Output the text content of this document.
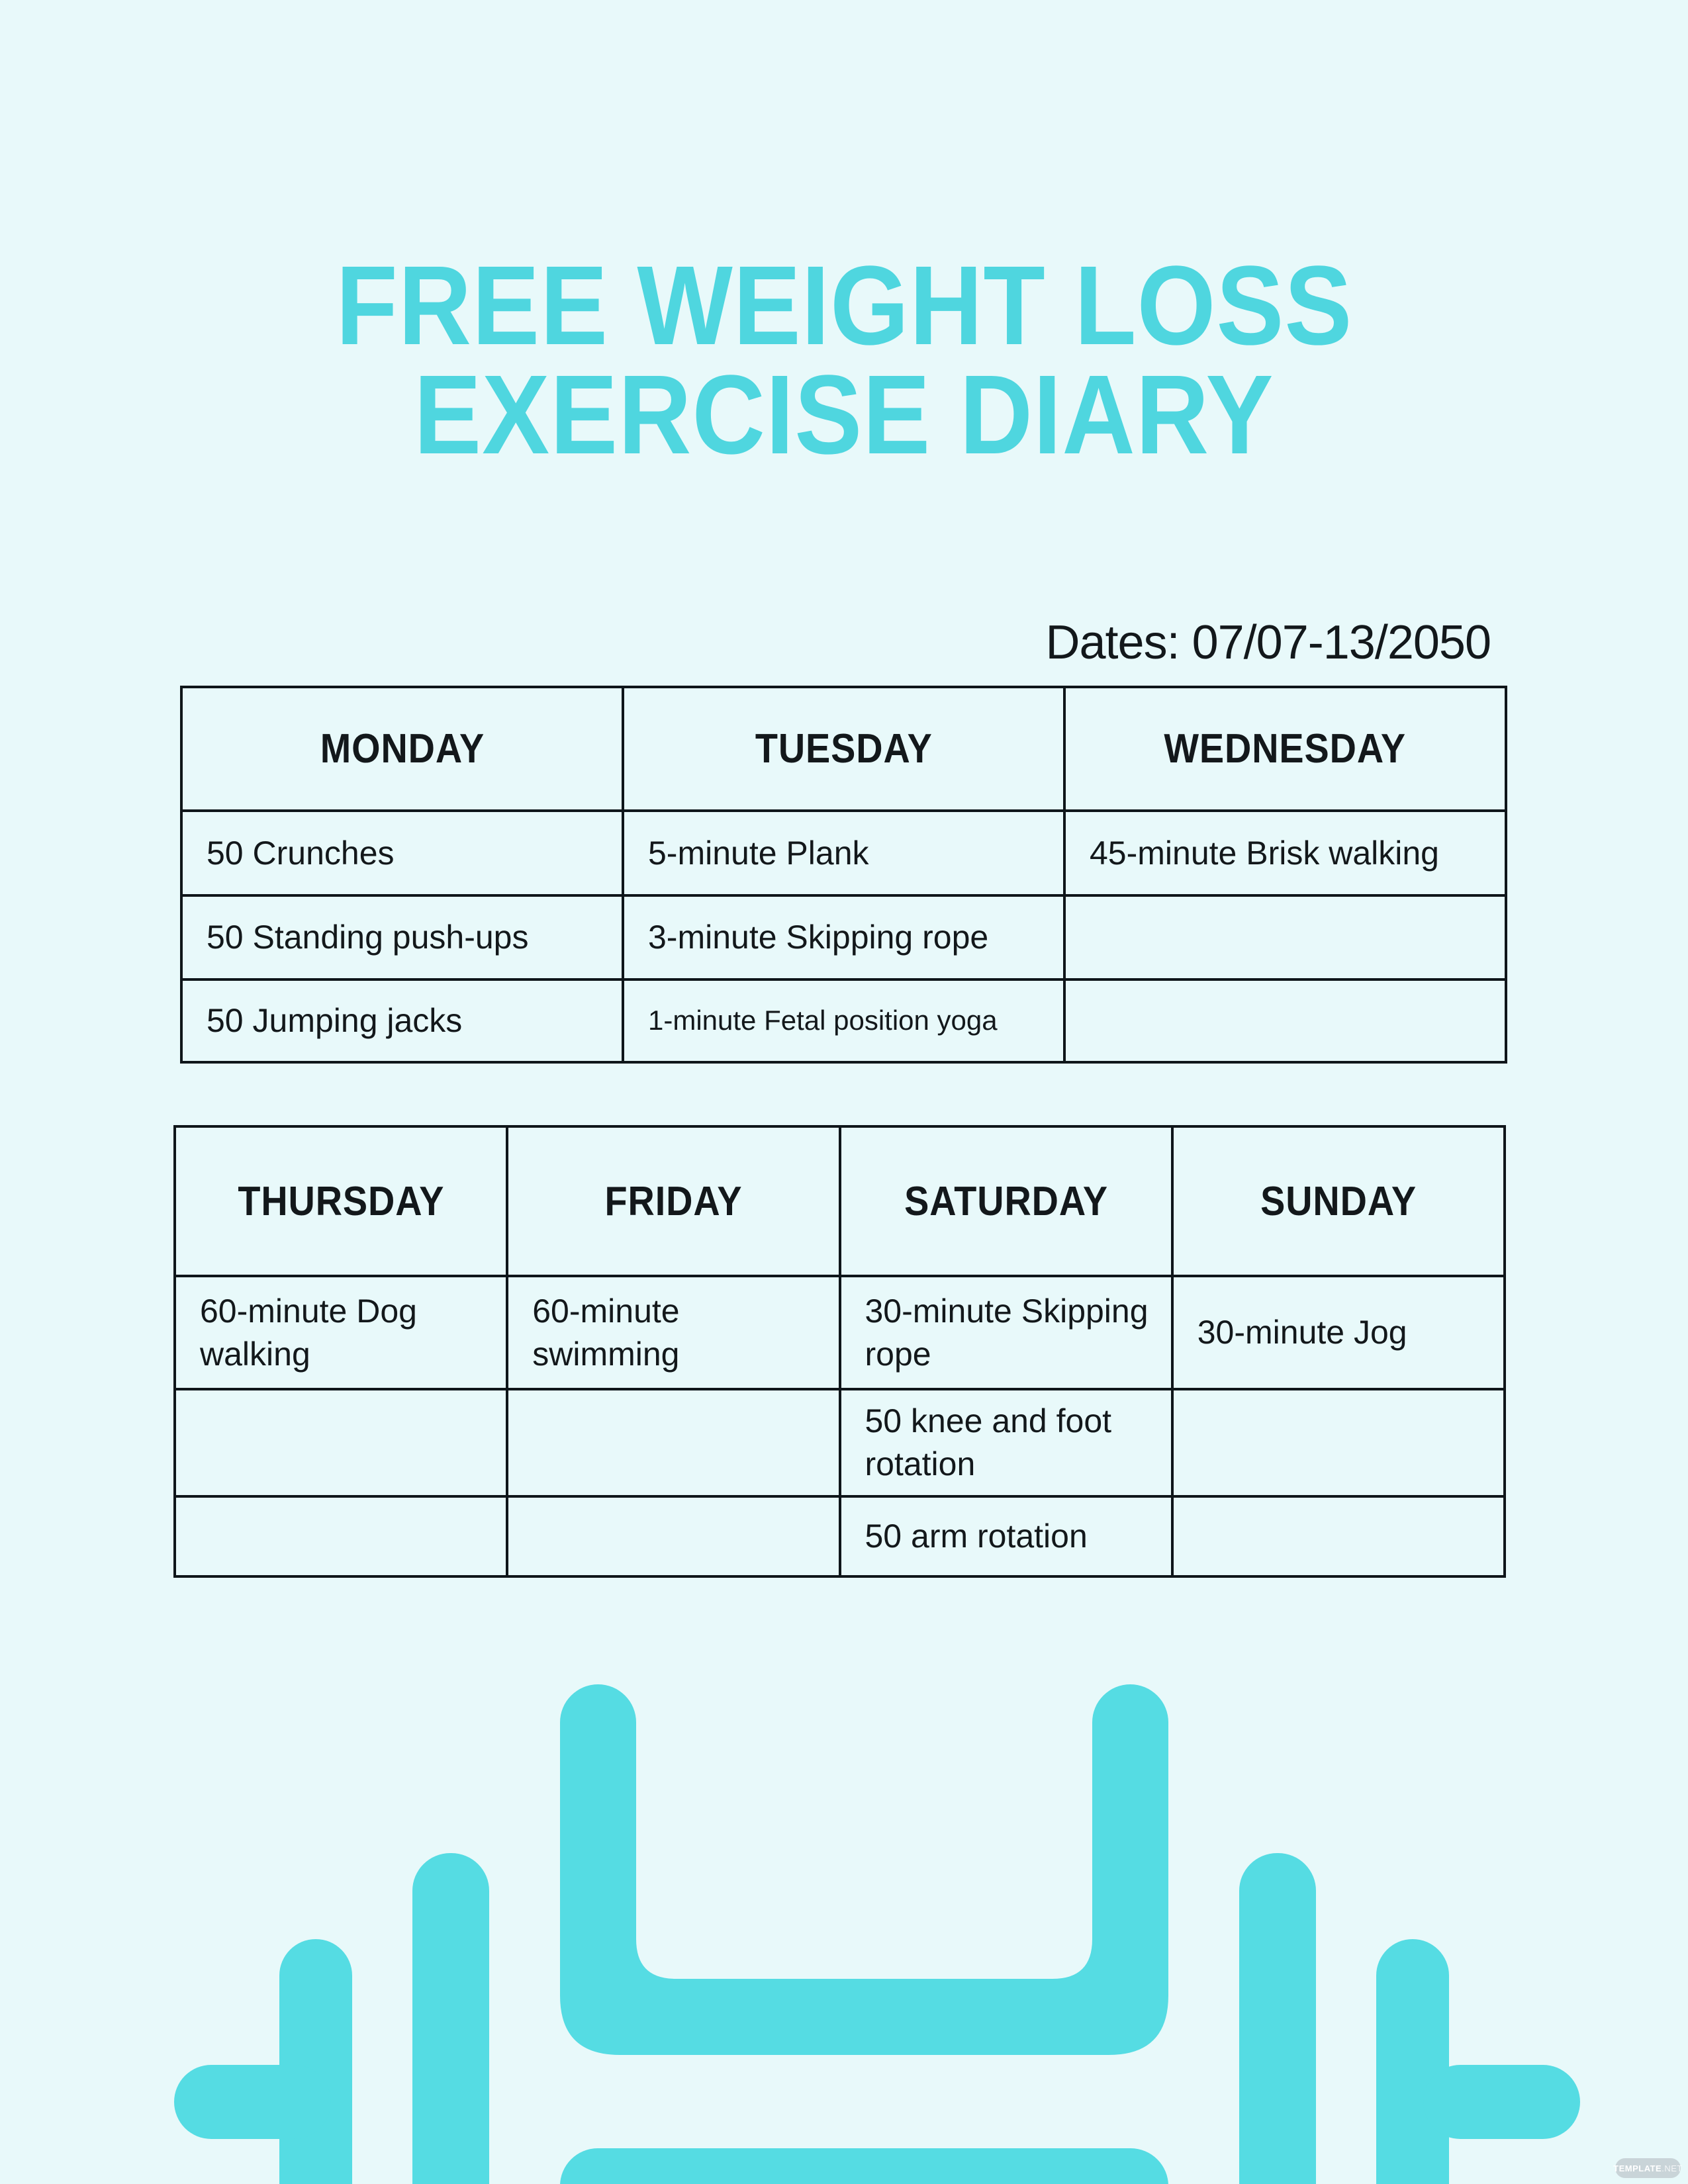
FREE WEIGHT LOSS
EXERCISE DIARY
Dates: 07/07-13/2050
MONDAY	TUESDAY	WEDNESDAY
50 Crunches	5-minute Plank	45-minute Brisk walking
50 Standing push-ups	3-minute Skipping rope	
50 Jumping jacks	1-minute Fetal position yoga	
THURSDAY	FRIDAY	SATURDAY	SUNDAY
60-minute Dog walking	60-minute swimming	30-minute Skipping rope	30-minute Jog
		50 knee and foot rotation	
		50 arm rotation	
TEMPLATE .NET
